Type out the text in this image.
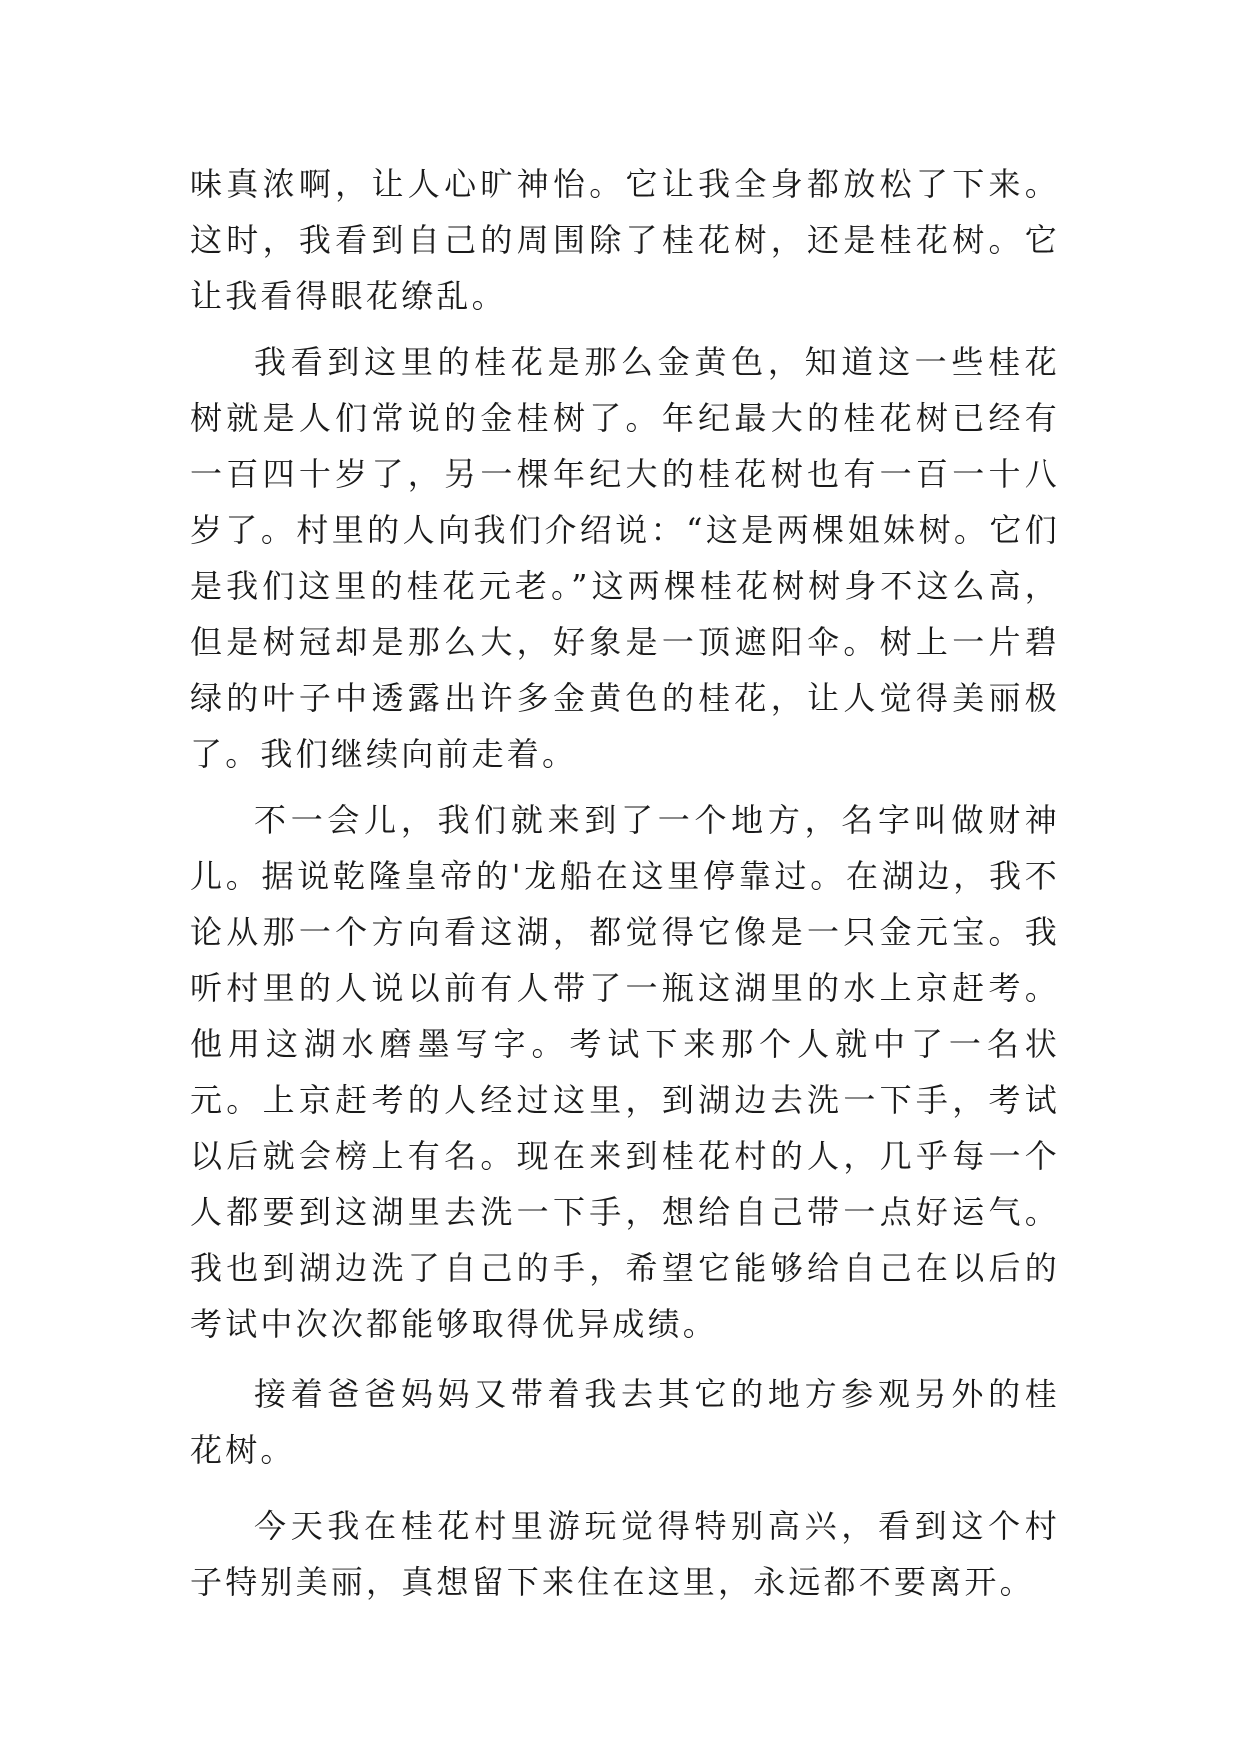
味真浓啊，让人心旷神怡。它让我全身都放松了下来。这时，我看到自己的周围除了桂花树，还是桂花树。它让我看得眼花缭乱。

我看到这里的桂花是那么金黄色，知道这一些桂花树就是人们常说的金桂树了。年纪最大的桂花树已经有一百四十岁了，另一棵年纪大的桂花树也有一百一十八岁了。村里的人向我们介绍说：“这是两棵姐妹树。它们是我们这里的桂花元老。”这两棵桂花树树身不这么高，但是树冠却是那么大，好象是一顶遮阳伞。树上一片碧绿的叶子中透露出许多金黄色的桂花，让人觉得美丽极了。我们继续向前走着。

不一会儿，我们就来到了一个地方，名字叫做财神儿。据说乾隆皇帝的'龙船在这里停靠过。在湖边，我不论从那一个方向看这湖，都觉得它像是一只金元宝。我听村里的人说以前有人带了一瓶这湖里的水上京赶考。他用这湖水磨墨写字。考试下来那个人就中了一名状元。上京赶考的人经过这里，到湖边去洗一下手，考试以后就会榜上有名。现在来到桂花村的人，几乎每一个人都要到这湖里去洗一下手，想给自己带一点好运气。我也到湖边洗了自己的手，希望它能够给自己在以后的考试中次次都能够取得优异成绩。

接着爸爸妈妈又带着我去其它的地方参观另外的桂花树。

今天我在桂花村里游玩觉得特别高兴，看到这个村子特别美丽，真想留下来住在这里，永远都不要离开。
